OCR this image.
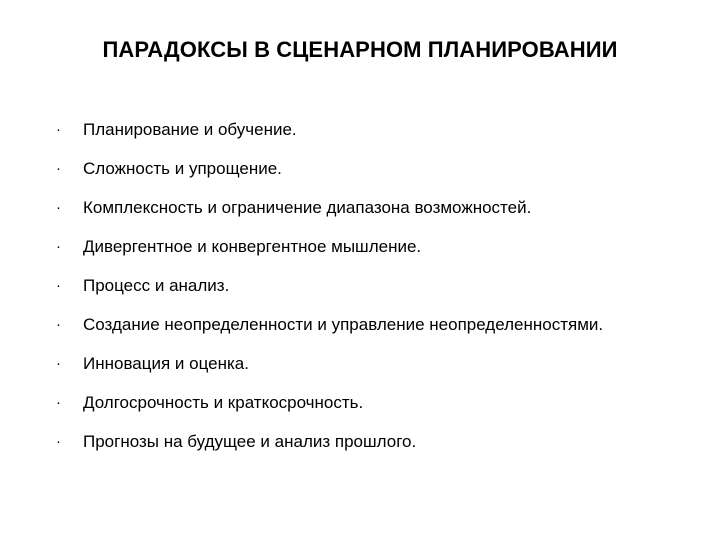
ПАРАДОКСЫ В СЦЕНАРНОМ ПЛАНИРОВАНИИ
· Планирование и обучение.
· Сложность и упрощение.
· Комплексность и ограничение диапазона возможностей.
· Дивергентное и конвергентное мышление.
· Процесс и анализ.
· Создание неопределенности и управление неопределенностями.
· Инновация и оценка.
· Долгосрочность и краткосрочность.
· Прогнозы на будущее и анализ прошлого.
